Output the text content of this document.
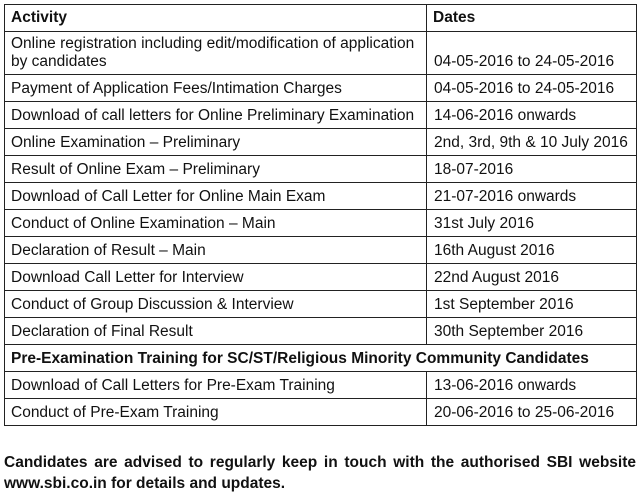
Activity	Dates
Online registration including edit/modification of application by candidates	04-05-2016 to 24-05-2016
Payment of Application Fees/Intimation Charges	04-05-2016 to 24-05-2016
Download of call letters for Online Preliminary Examination	14-06-2016 onwards
Online Examination – Preliminary	2nd, 3rd, 9th & 10 July 2016
Result of Online Exam – Preliminary	18-07-2016
Download of Call Letter for Online Main Exam	21-07-2016 onwards
Conduct of Online Examination – Main	31st July 2016
Declaration of Result – Main	16th August 2016
Download Call Letter for Interview	22nd August 2016
Conduct of Group Discussion & Interview	1st September 2016
Declaration of Final Result	30th September 2016
Pre-Examination Training for SC/ST/Religious Minority Community Candidates	
Download of Call Letters for Pre-Exam Training	13-06-2016 onwards
Conduct of Pre-Exam Training	20-06-2016 to 25-06-2016

Candidates are advised to regularly keep in touch with the authorised SBI website www.sbi.co.in for details and updates.
